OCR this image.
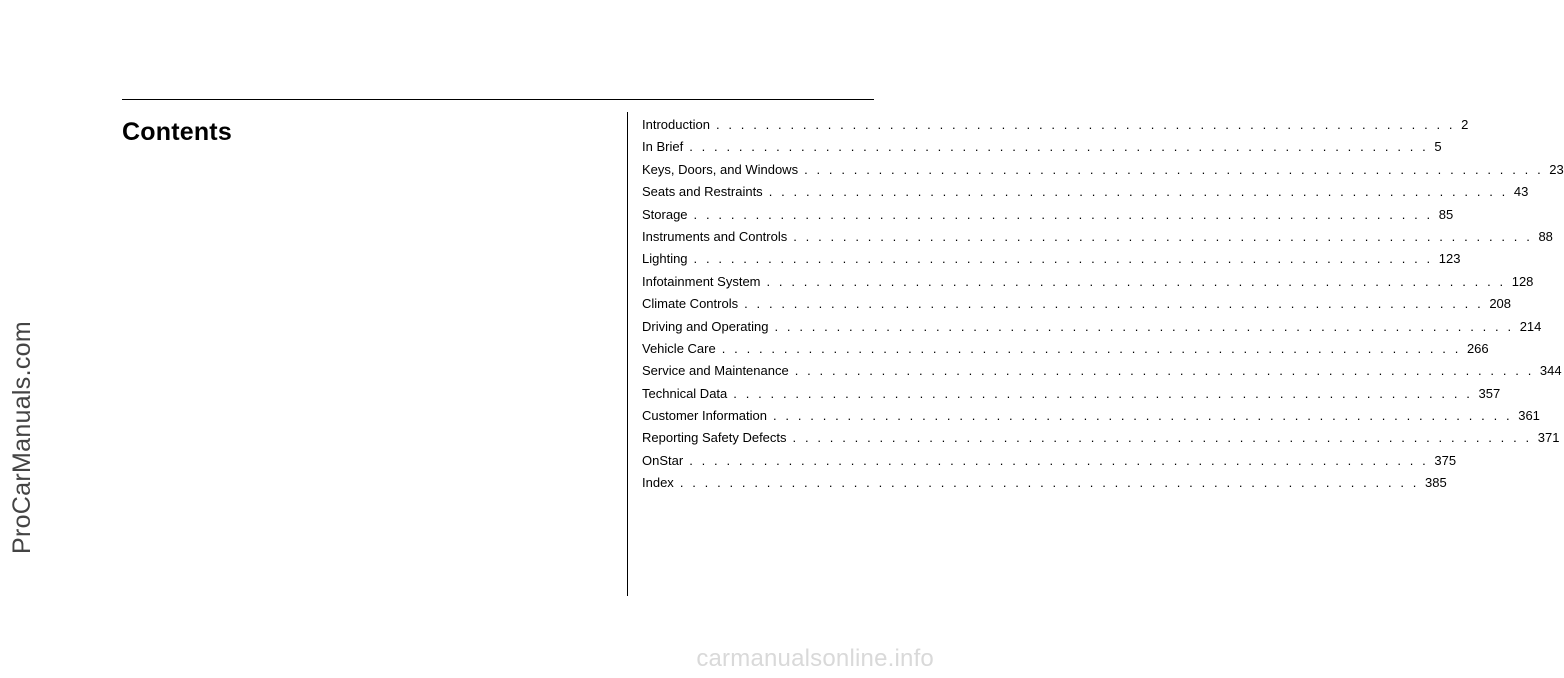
Contents
ProCarManuals.com
carmanualsonline.info
Introduction . . . . . . . . . . . . . . . . . . . . . . . . . . . . . . . . . . . . . . . . . . . . . . . . . . . . . . . . . . . . 2
In Brief . . . . . . . . . . . . . . . . . . . . . . . . . . . . . . . . . . . . . . . . . . . . . . . . . . . . . . . . . . . . 5
Keys, Doors, and Windows . . . . . . . . . . . . . . . . . . . . . . . . . . . . . . . . . . . . . . . . . . . . . . . . . . . . . . . . . . . . 23
Seats and Restraints . . . . . . . . . . . . . . . . . . . . . . . . . . . . . . . . . . . . . . . . . . . . . . . . . . . . . . . . . . . . 43
Storage . . . . . . . . . . . . . . . . . . . . . . . . . . . . . . . . . . . . . . . . . . . . . . . . . . . . . . . . . . . . 85
Instruments and Controls . . . . . . . . . . . . . . . . . . . . . . . . . . . . . . . . . . . . . . . . . . . . . . . . . . . . . . . . . . . . 88
Lighting . . . . . . . . . . . . . . . . . . . . . . . . . . . . . . . . . . . . . . . . . . . . . . . . . . . . . . . . . . . . 123
Infotainment System . . . . . . . . . . . . . . . . . . . . . . . . . . . . . . . . . . . . . . . . . . . . . . . . . . . . . . . . . . . . 128
Climate Controls . . . . . . . . . . . . . . . . . . . . . . . . . . . . . . . . . . . . . . . . . . . . . . . . . . . . . . . . . . . . 208
Driving and Operating . . . . . . . . . . . . . . . . . . . . . . . . . . . . . . . . . . . . . . . . . . . . . . . . . . . . . . . . . . . . 214
Vehicle Care . . . . . . . . . . . . . . . . . . . . . . . . . . . . . . . . . . . . . . . . . . . . . . . . . . . . . . . . . . . . 266
Service and Maintenance . . . . . . . . . . . . . . . . . . . . . . . . . . . . . . . . . . . . . . . . . . . . . . . . . . . . . . . . . . . . 344
Technical Data . . . . . . . . . . . . . . . . . . . . . . . . . . . . . . . . . . . . . . . . . . . . . . . . . . . . . . . . . . . . 357
Customer Information . . . . . . . . . . . . . . . . . . . . . . . . . . . . . . . . . . . . . . . . . . . . . . . . . . . . . . . . . . . . 361
Reporting Safety Defects . . . . . . . . . . . . . . . . . . . . . . . . . . . . . . . . . . . . . . . . . . . . . . . . . . . . . . . . . . . . 371
OnStar . . . . . . . . . . . . . . . . . . . . . . . . . . . . . . . . . . . . . . . . . . . . . . . . . . . . . . . . . . . . 375
Index . . . . . . . . . . . . . . . . . . . . . . . . . . . . . . . . . . . . . . . . . . . . . . . . . . . . . . . . . . . . 385
